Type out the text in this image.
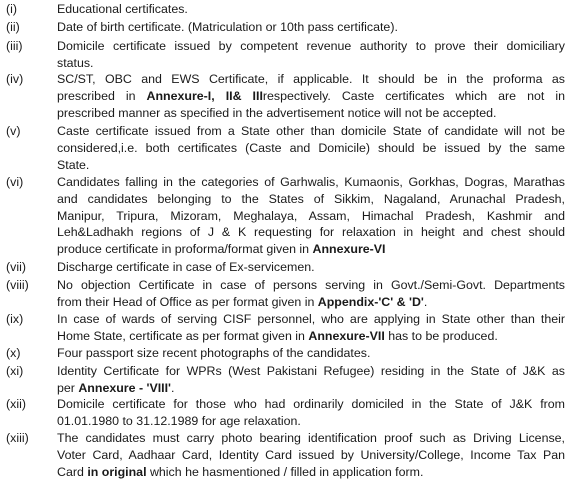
(i)	Educational certificates.
(ii)	Date of birth certificate. (Matriculation or 10th pass certificate).
(iii)	Domicile certificate issued by competent revenue authority to prove their domiciliary
status.
(iv)	SC/ST, OBC and EWS Certificate, if applicable. It should be in the proforma as
prescribed in Annexure-I, II& IIIrespectively. Caste certificates which are not in
prescribed manner as specified in the advertisement notice will not be accepted.
(v)	Caste certificate issued from a State other than domicile State of candidate will not be
considered,i.e. both certificates (Caste and Domicile) should be issued by the same
State.
(vi)	Candidates falling in the categories of Garhwalis, Kumaonis, Gorkhas, Dogras, Marathas
and candidates belonging to the States of Sikkim, Nagaland, Arunachal Pradesh,
Manipur, Tripura, Mizoram, Meghalaya, Assam, Himachal Pradesh, Kashmir and
Leh&Ladhakh regions of J & K requesting for relaxation in height and chest should
produce certificate in proforma/format given in Annexure-VI
(vii)	Discharge certificate in case of Ex-servicemen.
(viii)	No objection Certificate in case of persons serving in Govt./Semi-Govt. Departments
from their Head of Office as per format given in Appendix-'C' & 'D'.
(ix)	In case of wards of serving CISF personnel, who are applying in State other than their
Home State, certificate as per format given in Annexure-VII has to be produced.
(x)	Four passport size recent photographs of the candidates.
(xi)	Identity Certificate for WPRs (West Pakistani Refugee) residing in the State of J&K as
per Annexure - 'VIII'.
(xii)	Domicile certificate for those who had ordinarily domiciled in the State of J&K from
01.01.1980 to 31.12.1989 for age relaxation.
(xiii)	The candidates must carry photo bearing identification proof such as Driving License,
Voter Card, Aadhaar Card, Identity Card issued by University/College, Income Tax Pan
Card in original which he hasmentioned / filled in application form.
